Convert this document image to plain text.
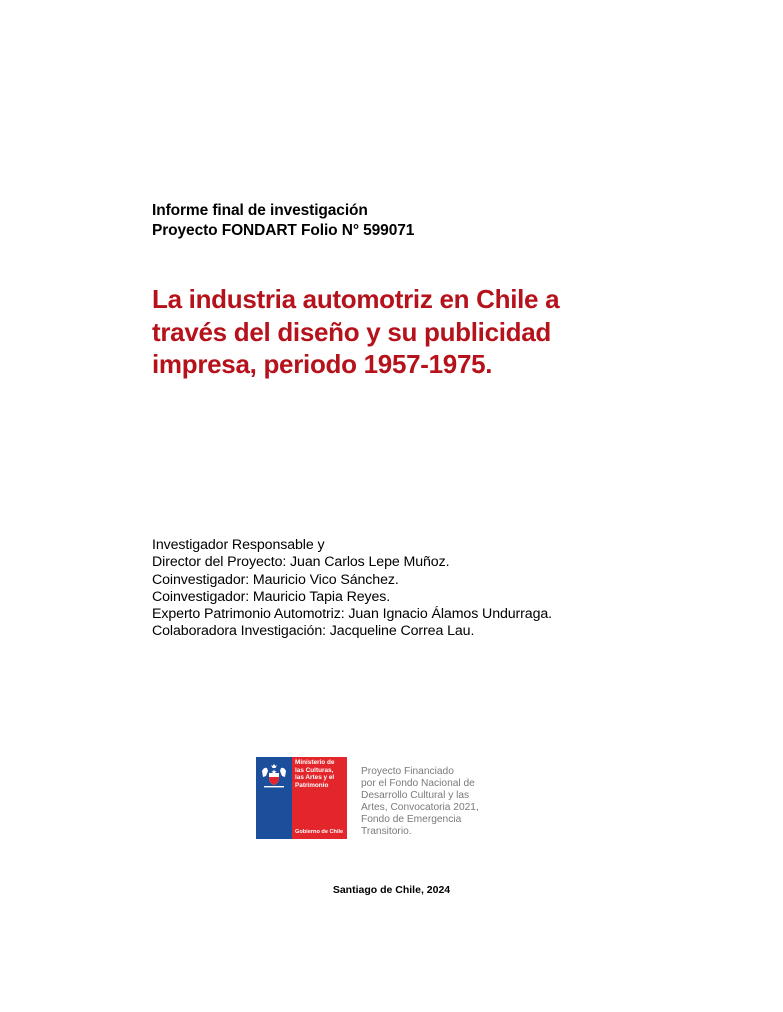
Informe final de investigación
Proyecto FONDART Folio N° 599071
La industria automotriz en Chile a
través del diseño y su publicidad
impresa, periodo 1957-1975.
Investigador Responsable y
Director del Proyecto: Juan Carlos Lepe Muñoz.
Coinvestigador: Mauricio Vico Sánchez.
Coinvestigador: Mauricio Tapia Reyes.
Experto Patrimonio Automotriz: Juan Ignacio Álamos Undurraga.
Colaboradora Investigación: Jacqueline Correa Lau.
Ministerio de
las Culturas,
las Artes y el
Patrimonio
Gobierno de Chile
Proyecto Financiado
por el Fondo Nacional de
Desarrollo Cultural y las
Artes, Convocatoria 2021,
Fondo de Emergencia
Transitorio.
Santiago de Chile, 2024
